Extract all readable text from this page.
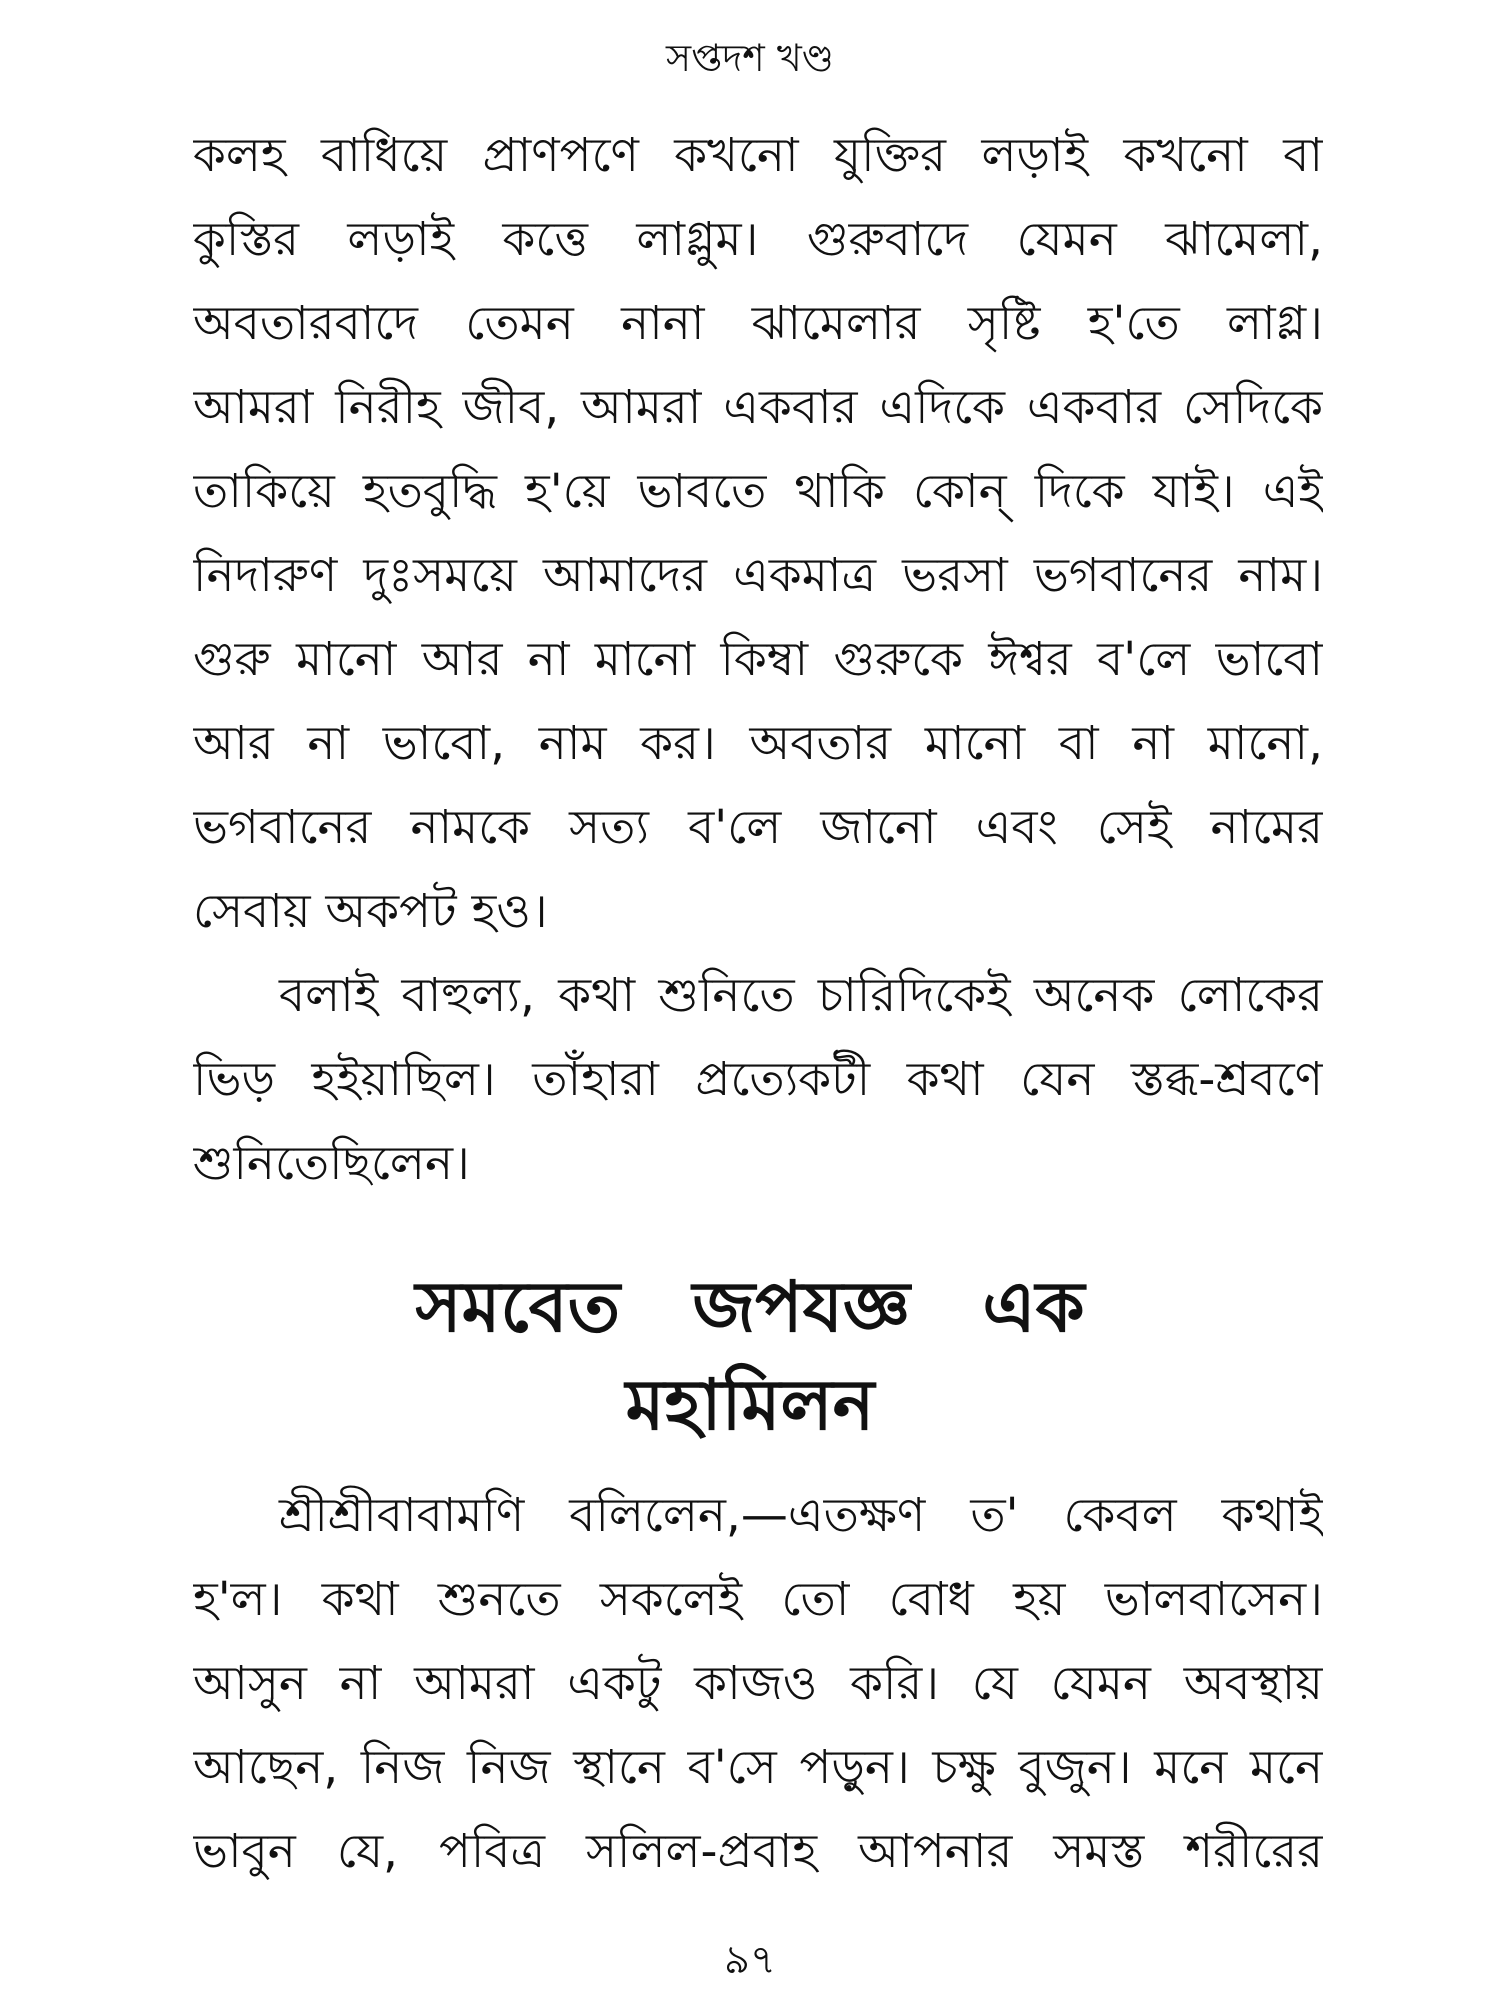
সপ্তদশ খণ্ড
কলহ বাধিয়ে প্রাণপণে কখনো যুক্তির লড়াই কখনো বা
কুস্তির লড়াই কত্তে লাগ্লুম। গুরুবাদে যেমন ঝামেলা,
অবতারবাদে তেমন নানা ঝামেলার সৃষ্টি হ'তে লাগ্ল।
আমরা নিরীহ জীব, আমরা একবার এদিকে একবার সেদিকে
তাকিয়ে হতবুদ্ধি হ'য়ে ভাবতে থাকি কোন্ দিকে যাই। এই
নিদারুণ দুঃসময়ে আমাদের একমাত্র ভরসা ভগবানের নাম।
গুরু মানো আর না মানো কিম্বা গুরুকে ঈশ্বর ব'লে ভাবো
আর না ভাবো, নাম কর। অবতার মানো বা না মানো,
ভগবানের নামকে সত্য ব'লে জানো এবং সেই নামের
সেবায় অকপট হও।
বলাই বাহুল্য, কথা শুনিতে চারিদিকেই অনেক লোকের
ভিড় হইয়াছিল। তাঁহারা প্রত্যেকটী কথা যেন স্তব্ধ-শ্রবণে
শুনিতেছিলেন।
সমবেত জপযজ্ঞ এক
মহামিলন
শ্রীশ্রীবাবামণি বলিলেন,—এতক্ষণ ত' কেবল কথাই
হ'ল। কথা শুনতে সকলেই তো বোধ হয় ভালবাসেন।
আসুন না আমরা একটু কাজও করি। যে যেমন অবস্থায়
আছেন, নিজ নিজ স্থানে ব'সে পড়ুন। চক্ষু বুজুন। মনে মনে
ভাবুন যে, পবিত্র সলিল-প্রবাহ আপনার সমস্ত শরীরের
৯৭
